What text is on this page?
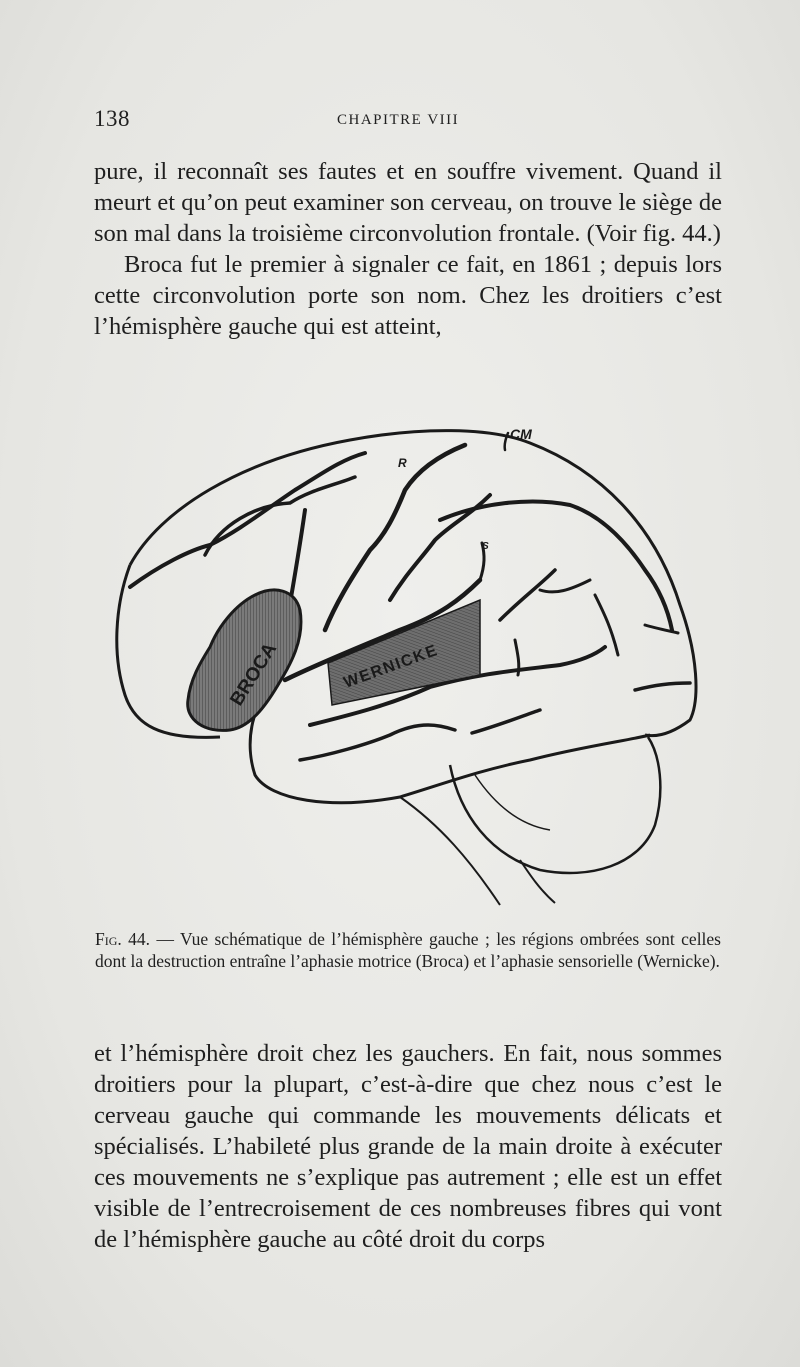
138	CHAPITRE VIII

pure, il reconnaît ses fautes et en souffre vivement. Quand il meurt et qu’on peut examiner son cerveau, on trouve le siège de son mal dans la troisième circonvolution frontale. (Voir fig. 44.)

Broca fut le premier à signaler ce fait, en 1861 ; depuis lors cette circonvolution porte son nom. Chez les droitiers c’est l’hémisphère gauche qui est atteint,

BROCA	WERNICKE
CM
R
S
Fig. 44. — Vue schématique de l’hémisphère gauche ; les régions ombrées sont celles dont la destruction entraîne l’aphasie motrice (Broca) et l’aphasie sensorielle (Wernicke).

et l’hémisphère droit chez les gauchers. En fait, nous sommes droitiers pour la plupart, c’est-à-dire que chez nous c’est le cerveau gauche qui commande les mouvements délicats et spécialisés. L’habileté plus grande de la main droite à exécuter ces mouvements ne s’explique pas autrement ; elle est un effet visible de l’entrecroisement de ces nombreuses fibres qui vont de l’hémisphère gauche au côté droit du corps
